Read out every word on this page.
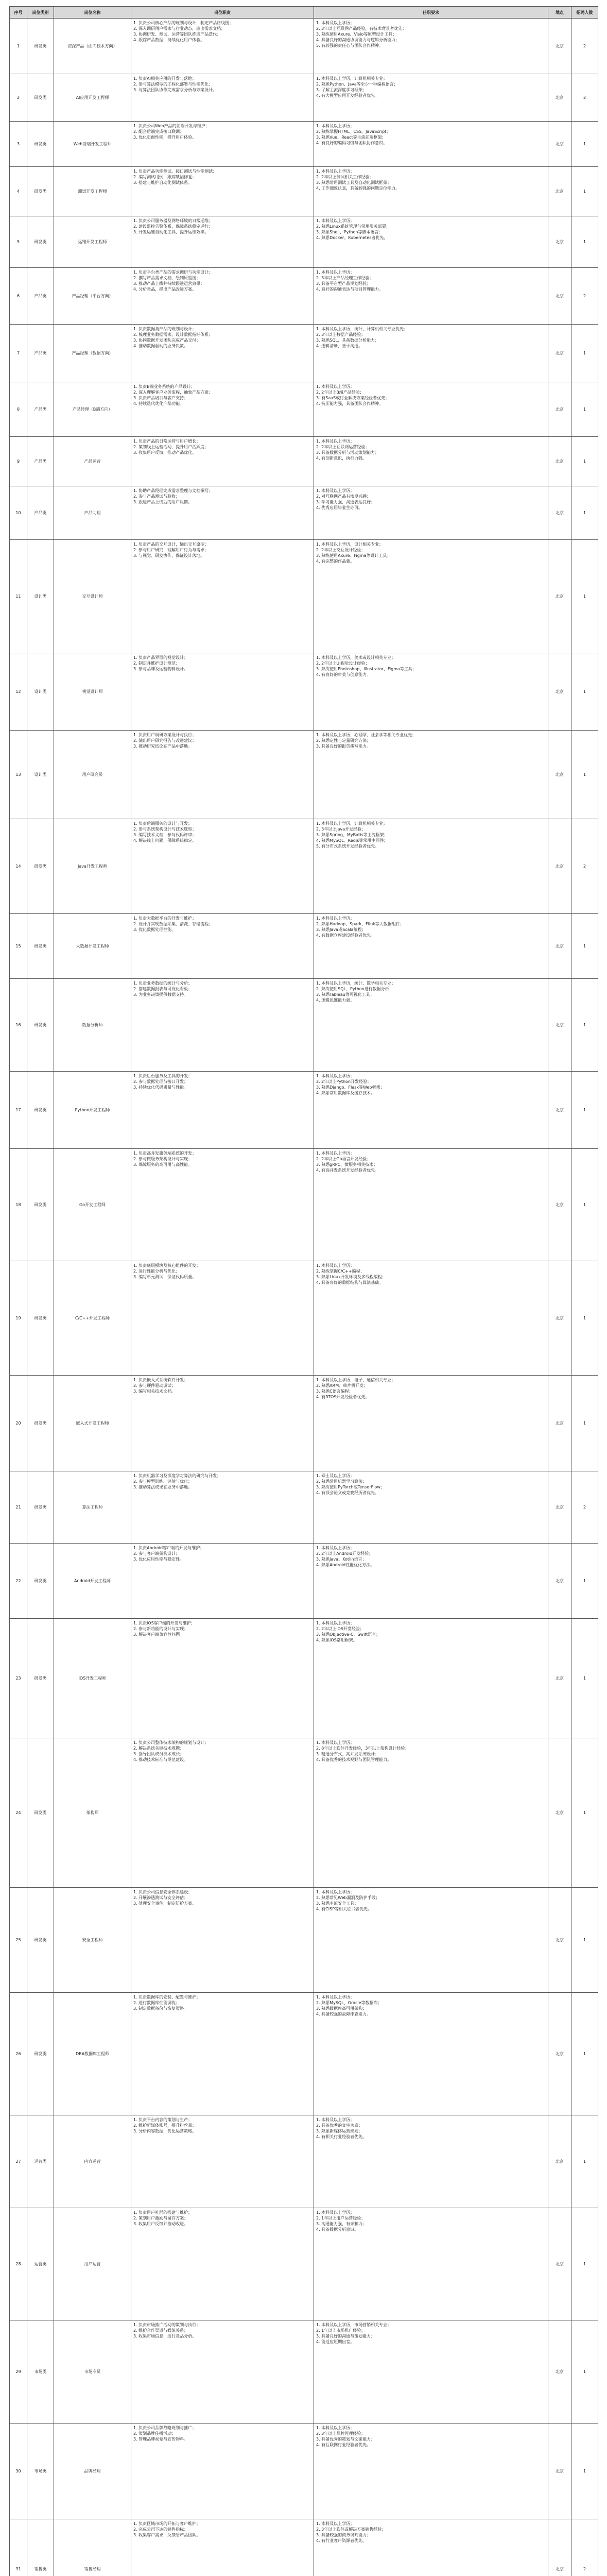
序号	岗位类别	岗位名称	岗位职责	任职要求	地点	招聘人数
1	研发类	资深产品（面向技术方向）	1. 负责公司核心产品的规划与设计，制定产品路线图；
2. 深入调研用户需求与行业动态，输出需求文档；
3. 协调研发、测试、运营等团队推进产品迭代；
4. 跟踪产品数据，持续优化用户体验。	1. 本科及以上学历；
2. 3年以上互联网产品经验，有技术背景者优先；
3. 熟练使用Axure、Visio等原型设计工具；
4. 具备良好的沟通协调能力与逻辑分析能力；
5. 有较强的责任心与团队合作精神。	北京	2
2	研发类	AI应用开发工程师	1. 负责AI相关应用的开发与落地；
2. 参与算法模型的工程化部署与性能优化；
3. 与算法团队协作完成需求分析与方案设计。	1. 本科及以上学历，计算机相关专业；
2. 熟悉Python、Java等至少一种编程语言；
3. 了解主流深度学习框架；
4. 有大模型应用开发经验者优先。	北京	2
3	研发类	Web前端开发工程师	1. 负责公司Web产品的前端开发与维护；
2. 配合后端完成接口联调；
3. 优化页面性能，提升用户体验。	1. 本科及以上学历；
2. 熟练掌握HTML、CSS、JavaScript；
3. 熟悉Vue、React等主流前端框架；
4. 有良好的编码习惯与团队协作意识。	北京	1
4	研发类	测试开发工程师	1. 负责产品功能测试、接口测试与性能测试；
2. 编写测试用例，跟踪缺陷修复；
3. 搭建与维护自动化测试体系。	1. 本科及以上学历；
2. 2年以上测试相关工作经验；
3. 熟悉常用测试工具及自动化测试框架；
4. 工作细致认真，具备较强的问题定位能力。	北京	1
5	研发类	运维开发工程师	1. 负责公司服务器及网络环境的日常运维；
2. 建设监控告警体系，保障系统稳定运行；
3. 开发运维自动化工具，提升运维效率。	1. 本科及以上学历；
2. 熟悉Linux系统管理与常用服务部署；
3. 熟悉Shell、Python等脚本语言；
4. 熟悉Docker、Kubernetes者优先。	北京	1
6	产品类	产品经理（平台方向）	1. 负责平台类产品的需求调研与功能设计；
2. 撰写产品需求文档，绘制原型图；
3. 推动产品上线并持续跟进运营效果；
4. 分析竞品，提出产品改进方案。	1. 本科及以上学历；
2. 3年以上产品经理工作经验；
3. 具备平台型产品规划经验；
4. 良好的沟通表达与项目管理能力。	北京	2
7	产品类	产品经理（数据方向）	1. 负责数据类产品的规划与设计；
2. 梳理业务数据需求，设计数据指标体系；
3. 协同数据开发团队完成产品交付；
4. 推动数据驱动的业务决策。	1. 本科及以上学历，统计、计算机相关专业优先；
2. 3年以上数据产品经验；
3. 熟悉SQL，具备数据分析能力；
4. 逻辑清晰，善于沟通。	北京	1
8	产品类	产品经理（B端方向）	1. 负责B端业务系统的产品设计；
2. 深入理解客户业务流程，抽象产品方案；
3. 负责产品培训与客户支持；
4. 持续迭代优化产品功能。	1. 本科及以上学历；
2. 2年以上B端产品经验；
3. 有SaaS或行业解决方案经验者优先；
4. 抗压能力强，具备团队合作精神。	北京	1
9	产品类	产品运营	1. 负责产品的日常运营与用户增长；
2. 策划线上运营活动，提升用户活跃度；
3. 收集用户反馈，推动产品优化。	1. 本科及以上学历；
2. 2年以上互联网运营经验；
3. 具备数据分析与活动策划能力；
4. 有创新意识，执行力强。	北京	1
10	产品类	产品助理	1. 协助产品经理完成需求整理与文档撰写；
2. 参与产品测试与验收；
3. 跟进产品上线后的用户反馈。	1. 本科及以上学历；
2. 对互联网产品有浓厚兴趣；
3. 学习能力强，沟通表达良好；
4. 优秀应届毕业生亦可。	北京	1
11	设计类	交互设计师	1. 负责产品的交互设计，输出交互原型；
2. 参与用户研究，理解用户行为与需求；
3. 与视觉、研发协作，保证设计落地。	1. 本科及以上学历，设计相关专业；
2. 2年以上交互设计经验；
3. 熟练使用Axure、Figma等设计工具；
4. 有完整的作品集。	北京	1
12	设计类	视觉设计师	1. 负责产品界面的视觉设计；
2. 制定并维护设计规范；
3. 参与品牌及运营物料设计。	1. 本科及以上学历，美术或设计相关专业；
2. 2年以上UI视觉设计经验；
3. 熟练使用Photoshop、Illustrator、Figma等工具；
4. 有良好的审美与创意能力。	北京	1
13	设计类	用户研究员	1. 负责用户调研方案设计与执行；
2. 输出用户研究报告与改进建议；
3. 推动研究结论在产品中落地。	1. 本科及以上学历，心理学、社会学等相关专业优先；
2. 熟悉定性与定量研究方法；
3. 具备良好的报告撰写能力。	北京	1
14	研发类	Java开发工程师	1. 负责后端服务的设计与开发；
2. 参与系统架构设计与技术选型；
3. 编写技术文档，参与代码评审；
4. 解决线上问题，保障系统稳定。	1. 本科及以上学历，计算机相关专业；
2. 3年以上Java开发经验；
3. 熟悉Spring、MyBatis等主流框架；
4. 熟悉MySQL、Redis等常用中间件；
5. 有分布式系统开发经验者优先。	北京	2
15	研发类	大数据开发工程师	1. 负责大数据平台的开发与维护；
2. 设计并实现数据采集、清洗、存储流程；
3. 优化数据处理性能。	1. 本科及以上学历；
2. 熟悉Hadoop、Spark、Flink等大数据组件；
3. 熟悉Java或Scala编程；
4. 有数据仓库建设经验者优先。	北京	1
16	研发类	数据分析师	1. 负责业务数据的统计与分析；
2. 搭建数据报表与可视化看板；
3. 为业务决策提供数据支持。	1. 本科及以上学历，统计、数学相关专业；
2. 熟练使用SQL、Python进行数据分析；
3. 熟悉Tableau等可视化工具；
4. 逻辑思维能力强。	北京	1
17	研发类	Python开发工程师	1. 负责后台服务及工具的开发；
2. 参与数据处理与接口开发；
3. 持续优化代码质量与性能。	1. 本科及以上学历；
2. 2年以上Python开发经验；
3. 熟悉Django、Flask等Web框架；
4. 熟悉常用数据库及缓存技术。	北京	1
18	研发类	Go开发工程师	1. 负责高并发服务端系统的开发；
2. 参与微服务架构设计与实现；
3. 保障服务的高可用与高性能。	1. 本科及以上学历；
2. 2年以上Go语言开发经验；
3. 熟悉gRPC、微服务相关技术；
4. 有高并发系统开发经验者优先。	北京	1
19	研发类	C/C++开发工程师	1. 负责底层模块及核心组件的开发；
2. 进行性能分析与优化；
3. 编写单元测试，保证代码质量。	1. 本科及以上学历；
2. 熟练掌握C/C++编程；
3. 熟悉Linux开发环境及多线程编程；
4. 具备良好的数据结构与算法基础。	北京	1
20	研发类	嵌入式开发工程师	1. 负责嵌入式系统软件开发；
2. 参与硬件驱动调试；
3. 编写相关技术文档。	1. 本科及以上学历，电子、通信相关专业；
2. 熟悉ARM、单片机开发；
3. 熟悉C语言编程；
4. 有RTOS开发经验者优先。	北京	1
21	研发类	算法工程师	1. 负责机器学习及深度学习算法的研究与开发；
2. 参与模型训练、评估与优化；
3. 推动算法成果在业务中落地。	1. 硕士及以上学历；
2. 熟悉常用机器学习算法；
3. 熟练使用PyTorch或TensorFlow；
4. 有顶会论文或竞赛经历者优先。	北京	2
22	研发类	Android开发工程师	1. 负责Android客户端的开发与维护；
2. 参与客户端架构设计；
3. 优化应用性能与稳定性。	1. 本科及以上学历；
2. 2年以上Android开发经验；
3. 熟悉Java、Kotlin语言；
4. 熟悉Android性能优化方法。	北京	1
23	研发类	iOS开发工程师	1. 负责iOS客户端的开发与维护；
2. 参与新功能的设计与实现；
3. 解决客户端兼容性问题。	1. 本科及以上学历；
2. 2年以上iOS开发经验；
3. 熟悉Objective-C、Swift语言；
4. 熟悉iOS常用框架。	北京	1
24	研发类	架构师	1. 负责公司整体技术架构的规划与设计；
2. 解决系统关键技术难题；
3. 指导团队成员技术成长；
4. 推动技术标准与规范建设。	1. 本科及以上学历；
2. 8年以上软件开发经验，3年以上架构设计经验；
3. 精通分布式、高并发系统设计；
4. 具备优秀的技术视野与团队管理能力。	北京	1
25	研发类	安全工程师	1. 负责公司信息安全体系建设；
2. 开展渗透测试与安全评估；
3. 处理安全事件，制定防护方案。	1. 本科及以上学历；
2. 熟悉常见Web漏洞及防护手段；
3. 熟悉主流安全工具；
4. 有CISP等相关证书者优先。	北京	1
26	研发类	DBA数据库工程师	1. 负责数据库的安装、配置与维护；
2. 进行数据库性能调优；
3. 制定数据备份与恢复策略。	1. 本科及以上学历；
2. 熟悉MySQL、Oracle等数据库；
3. 熟悉数据库高可用架构；
4. 具备较强的故障排查能力。	北京	1
27	运营类	内容运营	1. 负责平台内容的策划与生产；
2. 维护新媒体账号，提升粉丝量；
3. 分析内容数据，优化运营策略。	1. 本科及以上学历；
2. 具备优秀的文字功底；
3. 熟悉新媒体运营规则；
4. 有相关行业经验者优先。	北京	1
28	运营类	用户运营	1. 负责用户社群的搭建与维护；
2. 策划用户激励与留存方案；
3. 收集用户反馈并推动改进。	1. 本科及以上学历；
2. 1年以上用户运营经验；
3. 沟通能力强，有亲和力；
4. 具备数据分析意识。	北京	1
29	市场类	市场专员	1. 负责市场推广活动的策划与执行；
2. 维护合作渠道与媒体关系；
3. 收集市场信息，进行竞品分析。	1. 本科及以上学历，市场营销相关专业；
2. 1年以上市场推广经验；
3. 具备良好的沟通与策划能力；
4. 能适应短期出差。	北京	1
30	市场类	品牌经理	1. 负责公司品牌战略规划与推广；
2. 策划品牌传播活动；
3. 管理品牌视觉与宣传物料。	1. 本科及以上学历；
2. 3年以上品牌管理经验；
3. 具备优秀的策划与文案能力；
4. 有互联网行业经验者优先。	北京	1
31	销售类	销售经理	1. 负责区域市场的开拓与客户维护；
2. 完成公司下达的销售指标；
3. 收集客户需求，反馈给产品团队。	1. 本科及以上学历；
2. 3年以上软件或解决方案销售经验；
3. 具备较强的商务谈判能力；
4. 有行业客户资源者优先。	北京	2
